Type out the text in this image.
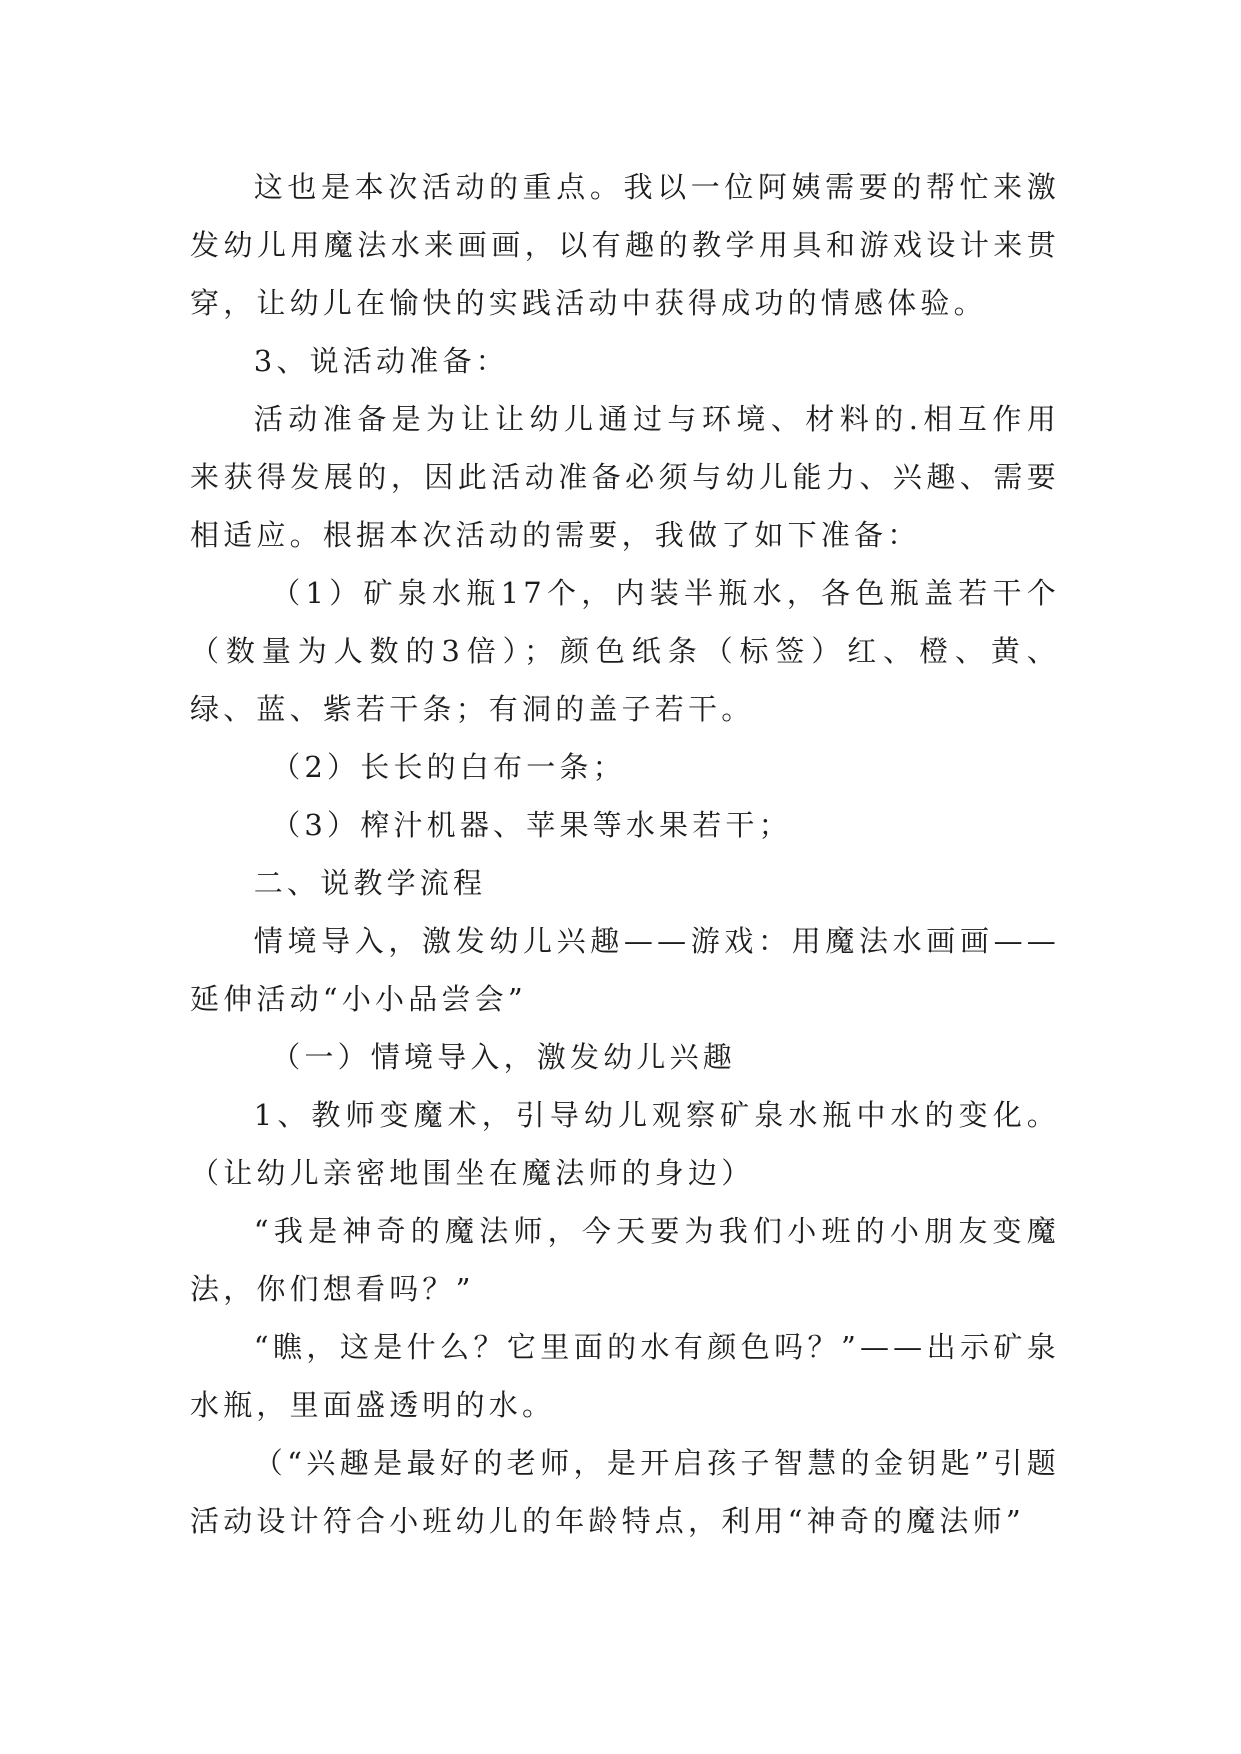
这也是本次活动的重点。我以一位阿姨需要的帮忙来激发幼儿用魔法水来画画，以有趣的教学用具和游戏设计来贯穿，让幼儿在愉快的实践活动中获得成功的情感体验。

3、说活动准备：

活动准备是为让让幼儿通过与环境、材料的.相互作用来获得发展的，因此活动准备必须与幼儿能力、兴趣、需要相适应。根据本次活动的需要，我做了如下准备：

（1）矿泉水瓶17个，内装半瓶水，各色瓶盖若干个（数量为人数的3倍）；颜色纸条（标签）红、橙、黄、绿、蓝、紫若干条；有洞的盖子若干。

（2）长长的白布一条；

（3）榨汁机器、苹果等水果若干；

二、说教学流程

情境导入，激发幼儿兴趣——游戏：用魔法水画画——延伸活动“小小品尝会”

（一）情境导入，激发幼儿兴趣

1、教师变魔术，引导幼儿观察矿泉水瓶中水的变化。（让幼儿亲密地围坐在魔法师的身边）

“我是神奇的魔法师，今天要为我们小班的小朋友变魔法，你们想看吗？”

“瞧，这是什么？它里面的水有颜色吗？”——出示矿泉水瓶，里面盛透明的水。

（“兴趣是最好的老师，是开启孩子智慧的金钥匙”引题活动设计符合小班幼儿的年龄特点，利用“神奇的魔法师”
